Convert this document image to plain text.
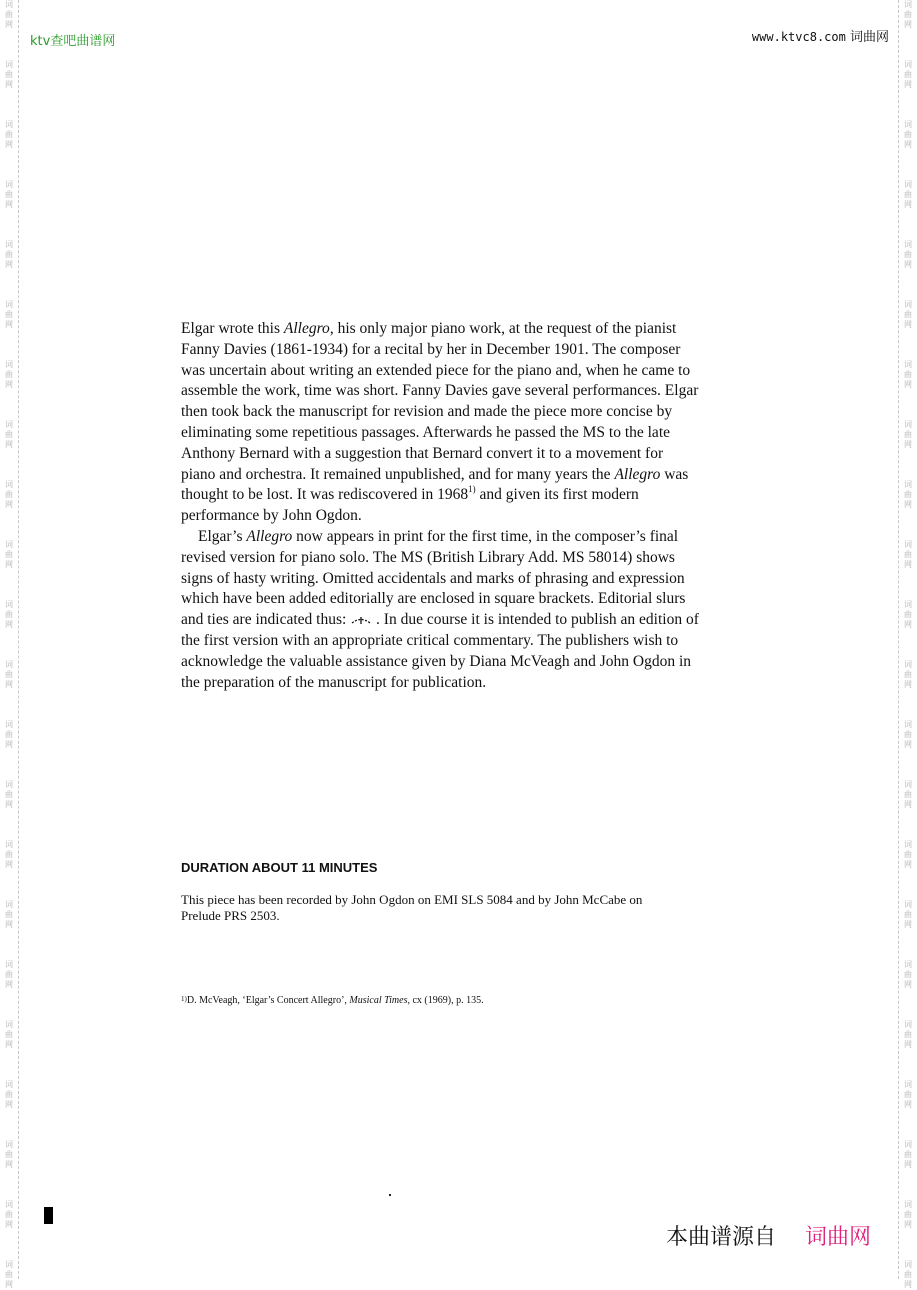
词
曲
网
词
曲
网
词
曲
网
词
曲
网
词
曲
网
词
曲
网
词
曲
网
词
曲
网
词
曲
网
词
曲
网
词
曲
网
词
曲
网
词
曲
网
词
曲
网
词
曲
网
词
曲
网
词
曲
网
词
曲
网
词
曲
网
词
曲
网
词
曲
网
词
曲
网
词
曲
网
词
曲
网
词
曲
网
词
曲
网
词
曲
网
词
曲
网
词
曲
网
词
曲
网
词
曲
网
词
曲
网
词
曲
网
词
曲
网
词
曲
网
词
曲
网
词
曲
网
词
曲
网
词
曲
网
词
曲
网
词
曲
网
词
曲
网
词
曲
网
词
曲
网
ktv查吧曲谱网	www.ktvc8.com 词曲网

Elgar wrote this Allegro, his only major piano work, at the request of the pianist Fanny Davies (1861-1934) for a recital by her in December 1901. The composer was uncertain about writing an extended piece for the piano and, when he came to assemble the work, time was short. Fanny Davies gave several performances. Elgar then took back the manuscript for revision and made the piece more concise by eliminating some repetitious passages. Afterwards he passed the MS to the late Anthony Bernard with a suggestion that Bernard convert it to a movement for piano and orchestra. It remained unpublished, and for many years the Allegro was thought to be lost. It was rediscovered in 1968$^{1)}$ and given its first modern performance by John Ogdon.

Elgar’s Allegro now appears in print for the first time, in the composer’s final revised version for piano solo. The MS (British Library Add. MS 58014) shows signs of hasty writing. Omitted accidentals and marks of phrasing and expression which have been added editorially are enclosed in square brackets. Editorial slurs and ties are indicated thus:  . In due course it is intended to publish an edition of the first version with an appropriate critical commentary. The publishers wish to acknowledge the valuable assistance given by Diana McVeagh and John Ogdon in the preparation of the manuscript for publication.

DURATION ABOUT 11 MINUTES
This piece has been recorded by John Ogdon on EMI SLS 5084 and by John McCabe on Prelude PRS 2503.
$^{1)}$D. McVeagh, ‘Elgar’s Concert Allegro’, Musical Times, cx (1969), p. 135.
本曲谱源自 词曲网
